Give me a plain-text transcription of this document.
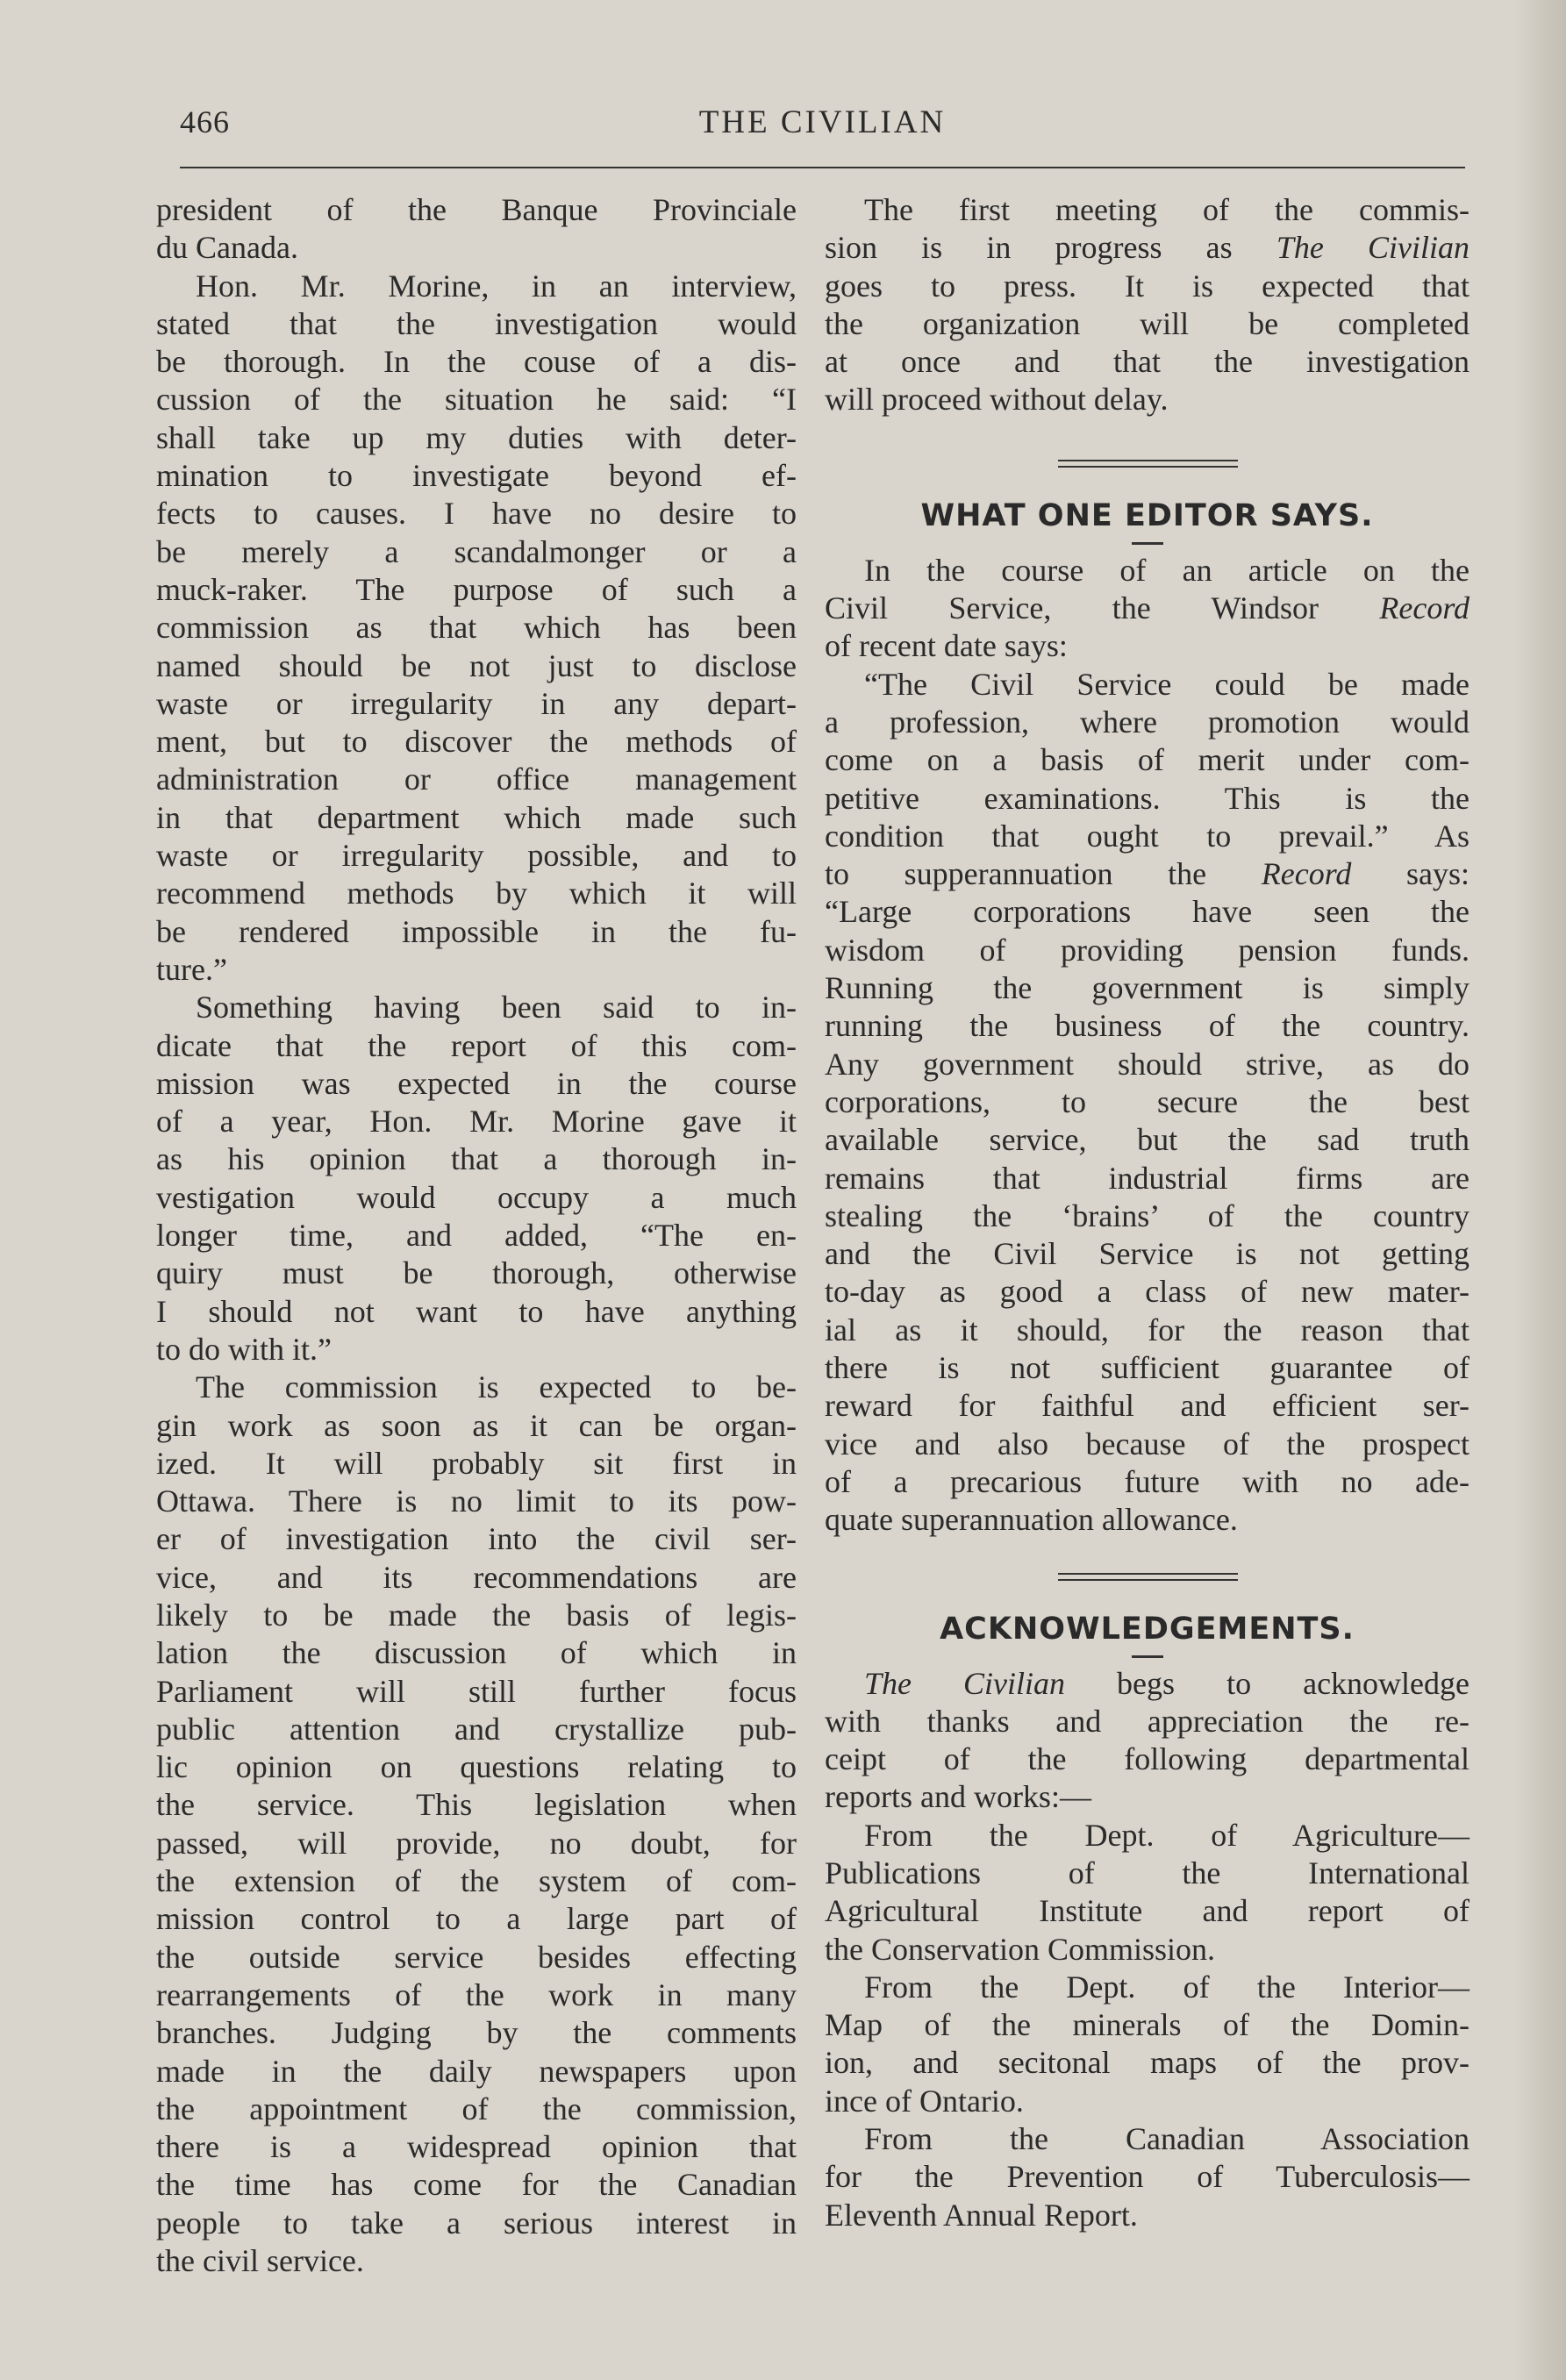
466	THE CIVILIAN
president of the Banque Provinciale
du Canada.
Hon. Mr. Morine, in an interview,
stated that the investigation would
be thorough. In the couse of a dis-
cussion of the situation he said: “I
shall take up my duties with deter-
mination to investigate beyond ef-
fects to causes. I have no desire to
be merely a scandalmonger or a
muck-raker. The purpose of such a
commission as that which has been
named should be not just to disclose
waste or irregularity in any depart-
ment, but to discover the methods of
administration or office management
in that department which made such
waste or irregularity possible, and to
recommend methods by which it will
be rendered impossible in the fu-
ture.”
Something having been said to in-
dicate that the report of this com-
mission was expected in the course
of a year, Hon. Mr. Morine gave it
as his opinion that a thorough in-
vestigation would occupy a much
longer time, and added, “The en-
quiry must be thorough, otherwise
I should not want to have anything
to do with it.”
The commission is expected to be-
gin work as soon as it can be organ-
ized. It will probably sit first in
Ottawa. There is no limit to its pow-
er of investigation into the civil ser-
vice, and its recommendations are
likely to be made the basis of legis-
lation the discussion of which in
Parliament will still further focus
public attention and crystallize pub-
lic opinion on questions relating to
the service. This legislation when
passed, will provide, no doubt, for
the extension of the system of com-
mission control to a large part of
the outside service besides effecting
rearrangements of the work in many
branches. Judging by the comments
made in the daily newspapers upon
the appointment of the commission,
there is a widespread opinion that
the time has come for the Canadian
people to take a serious interest in
the civil service.
The first meeting of the commis-
sion is in progress as The Civilian
goes to press. It is expected that
the organization will be completed
at once and that the investigation
will proceed without delay.
WHAT ONE EDITOR SAYS.
In the course of an article on the
Civil Service, the Windsor Record
of recent date says:
“The Civil Service could be made
a profession, where promotion would
come on a basis of merit under com-
petitive examinations. This is the
condition that ought to prevail.” As
to supperannuation the Record says:
“Large corporations have seen the
wisdom of providing pension funds.
Running the government is simply
running the business of the country.
Any government should strive, as do
corporations, to secure the best
available service, but the sad truth
remains that industrial firms are
stealing the ‘brains’ of the country
and the Civil Service is not getting
to-day as good a class of new mater-
ial as it should, for the reason that
there is not sufficient guarantee of
reward for faithful and efficient ser-
vice and also because of the prospect
of a precarious future with no ade-
quate superannuation allowance.
ACKNOWLEDGEMENTS.
The Civilian begs to acknowledge
with thanks and appreciation the re-
ceipt of the following departmental
reports and works:—
From the Dept. of Agriculture—
Publications of the International
Agricultural Institute and report of
the Conservation Commission.
From the Dept. of the Interior—
Map of the minerals of the Domin-
ion, and secitonal maps of the prov-
ince of Ontario.
From the Canadian Association
for the Prevention of Tuberculosis—
Eleventh Annual Report.
